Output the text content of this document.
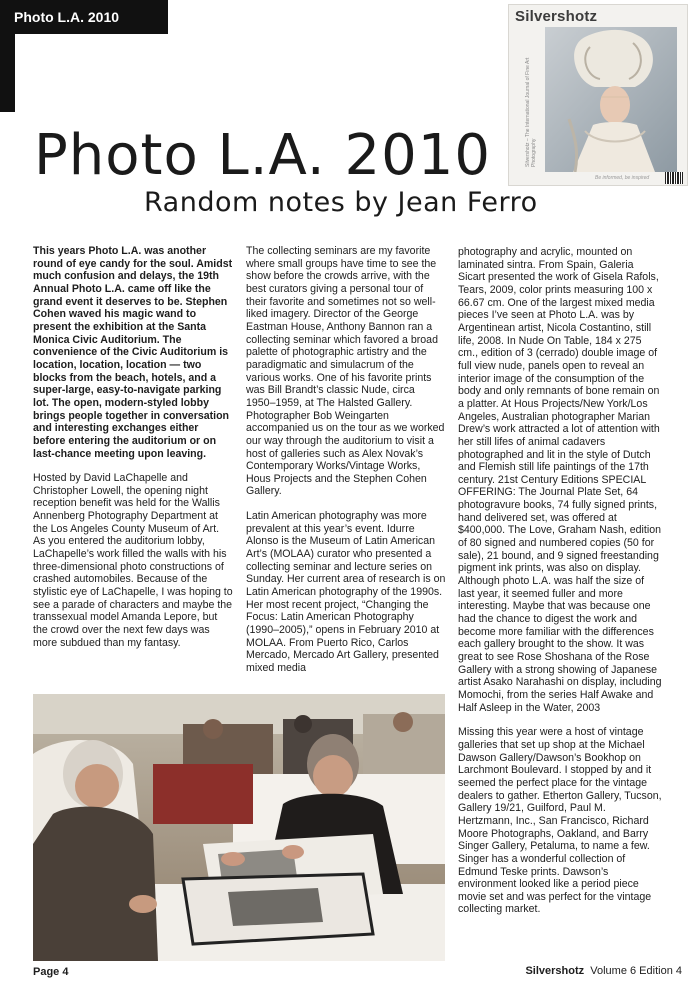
Photo L.A. 2010	Silvershotz
Silvershotz – The International Journal of Fine Art Photography
Be informed, be inspired
Photo L.A. 2010
Random notes by Jean Ferro

This years Photo L.A. was another round of eye candy for the soul. Amidst much confusion and delays, the 19th Annual Photo L.A. came off like the grand event it deserves to be. Stephen Cohen waved his magic wand to present the exhibition at the Santa Monica Civic Auditorium. The convenience of the Civic Auditorium is location, location, location — two blocks from the beach, hotels, and a super-large, easy-to-navigate parking lot. The open, modern-styled lobby brings people together in conversation and interesting exchanges either before entering the auditorium or on last-chance meeting upon leaving.

Hosted by David LaChapelle and Christopher Lowell, the opening night reception benefit was held for the Wallis Annenberg Photography Department at the Los Angeles County Museum of Art. As you entered the auditorium lobby, LaChapelle’s work filled the walls with his three-dimensional photo constructions of crashed automobiles. Because of the stylistic eye of LaChapelle, I was hoping to see a parade of characters and maybe the transsexual model Amanda Lepore, but the crowd over the next few days was more subdued than my fantasy.

The collecting seminars are my favorite where small groups have time to see the show before the crowds arrive, with the best curators giving a personal tour of their favorite and sometimes not so well-liked imagery. Director of the George Eastman House, Anthony Bannon ran a collecting seminar which favored a broad palette of photographic artistry and the paradigmatic and simulacrum of the various works. One of his favorite prints was Bill Brandt’s classic Nude, circa 1950–1959, at The Halsted Gallery. Photographer Bob Weingarten accompanied us on the tour as we worked our way through the auditorium to visit a host of galleries such as Alex Novak’s Contemporary Works/Vintage Works, Hous Projects and the Stephen Cohen Gallery.

Latin American photography was more prevalent at this year’s event. Idurre Alonso is the Museum of Latin American Art’s (MOLAA) curator who presented a collecting seminar and lecture series on Sunday. Her current area of research is on Latin American photography of the 1990s. Her most recent project, “Changing the Focus: Latin American Photography (1990–2005),” opens in February 2010 at MOLAA. From Puerto Rico, Carlos Mercado, Mercado Art Gallery, presented mixed media

photography and acrylic, mounted on laminated sintra. From Spain, Galeria Sicart presented the work of Gisela Rafols, Tears, 2009, color prints measuring 100 x 66.67 cm. One of the largest mixed media pieces I’ve seen at Photo L.A. was by Argentinean artist, Nicola Costantino, still life, 2008. In Nude On Table, 184 x 275 cm., edition of 3 (cerrado) double image of full view nude, panels open to reveal an interior image of the consumption of the body and only remnants of bone remain on a platter. At Hous Projects/New York/Los Angeles, Australian photographer Marian Drew’s work attracted a lot of attention with her still lifes of animal cadavers photographed and lit in the style of Dutch and Flemish still life paintings of the 17th century. 21st Century Editions SPECIAL OFFERING: The Journal Plate Set, 64 photogravure books, 74 fully signed prints, hand delivered set, was offered at $400,000. The Love, Graham Nash, edition of 80 signed and numbered copies (50 for sale), 21 bound, and 9 signed freestanding pigment ink prints, was also on display. Although photo L.A. was half the size of last year, it seemed fuller and more interesting. Maybe that was because one had the chance to digest the work and become more familiar with the differences each gallery brought to the show. It was great to see Rose Shoshana of the Rose Gallery with a strong showing of Japanese artist Asako Narahashi on display, including Momochi, from the series Half Awake and Half Asleep in the Water, 2003

Missing this year were a host of vintage galleries that set up shop at the Michael Dawson Gallery/Dawson’s Bookhop on Larchmont Boulevard. I stopped by and it seemed the perfect place for the vintage dealers to gather. Etherton Gallery, Tucson, Gallery 19/21, Guilford, Paul M. Hertzmann, Inc., San Francisco, Richard Moore Photographs, Oakland, and Barry Singer Gallery, Petaluma, to name a few. Singer has a wonderful collection of Edmund Teske prints. Dawson’s environment looked like a period piece movie set and was perfect for the vintage collecting market.

Page 4	Silvershotz Volume 6 Edition 4
